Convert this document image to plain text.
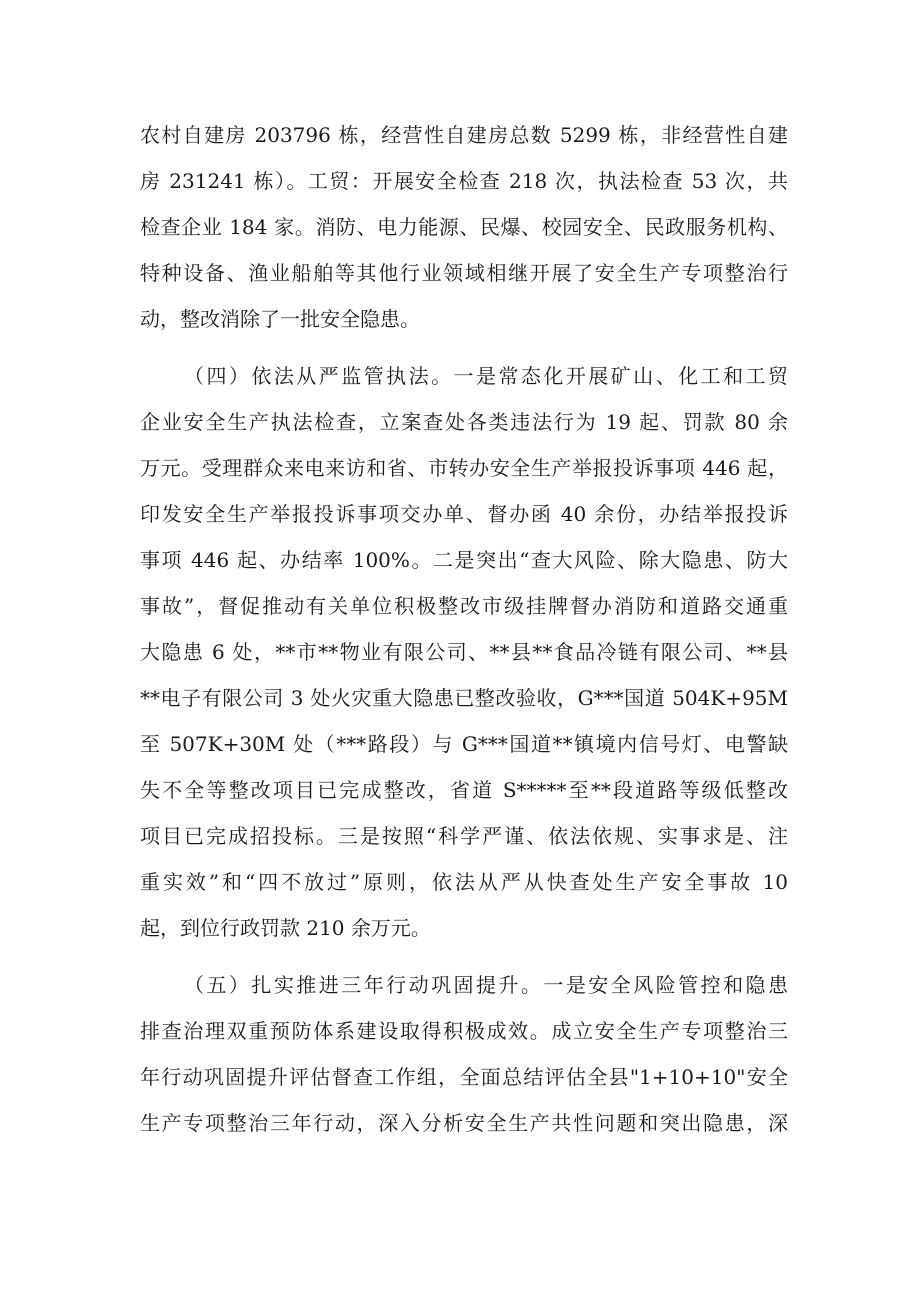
农村自建房 203796 栋，经营性自建房总数 5299 栋，非经营性自建
房 231241 栋）。工贸：开展安全检查 218 次，执法检查 53 次，共
检查企业 184 家。消防、电力能源、民爆、校园安全、民政服务机构、
特种设备、渔业船舶等其他行业领域相继开展了安全生产专项整治行
动，整改消除了一批安全隐患。
（四）依法从严监管执法。一是常态化开展矿山、化工和工贸
企业安全生产执法检查，立案查处各类违法行为 19 起、罚款 80 余
万元。受理群众来电来访和省、市转办安全生产举报投诉事项 446 起，
印发安全生产举报投诉事项交办单、督办函 40 余份，办结举报投诉
事项 446 起、办结率 100%。二是突出“查大风险、除大隐患、防大
事故”，督促推动有关单位积极整改市级挂牌督办消防和道路交通重
大隐患 6 处，**市**物业有限公司、**县**食品冷链有限公司、**县
**电子有限公司 3 处火灾重大隐患已整改验收，G***国道 504K+95M
至 507K+30M 处（***路段）与 G***国道**镇境内信号灯、电警缺
失不全等整改项目已完成整改，省道 S*****至**段道路等级低整改
项目已完成招投标。三是按照“科学严谨、依法依规、实事求是、注
重实效”和“四不放过”原则，依法从严从快查处生产安全事故 10
起，到位行政罚款 210 余万元。
（五）扎实推进三年行动巩固提升。一是安全风险管控和隐患
排查治理双重预防体系建设取得积极成效。成立安全生产专项整治三
年行动巩固提升评估督查工作组，全面总结评估全县"1+10+10"安全
生产专项整治三年行动，深入分析安全生产共性问题和突出隐患，深
